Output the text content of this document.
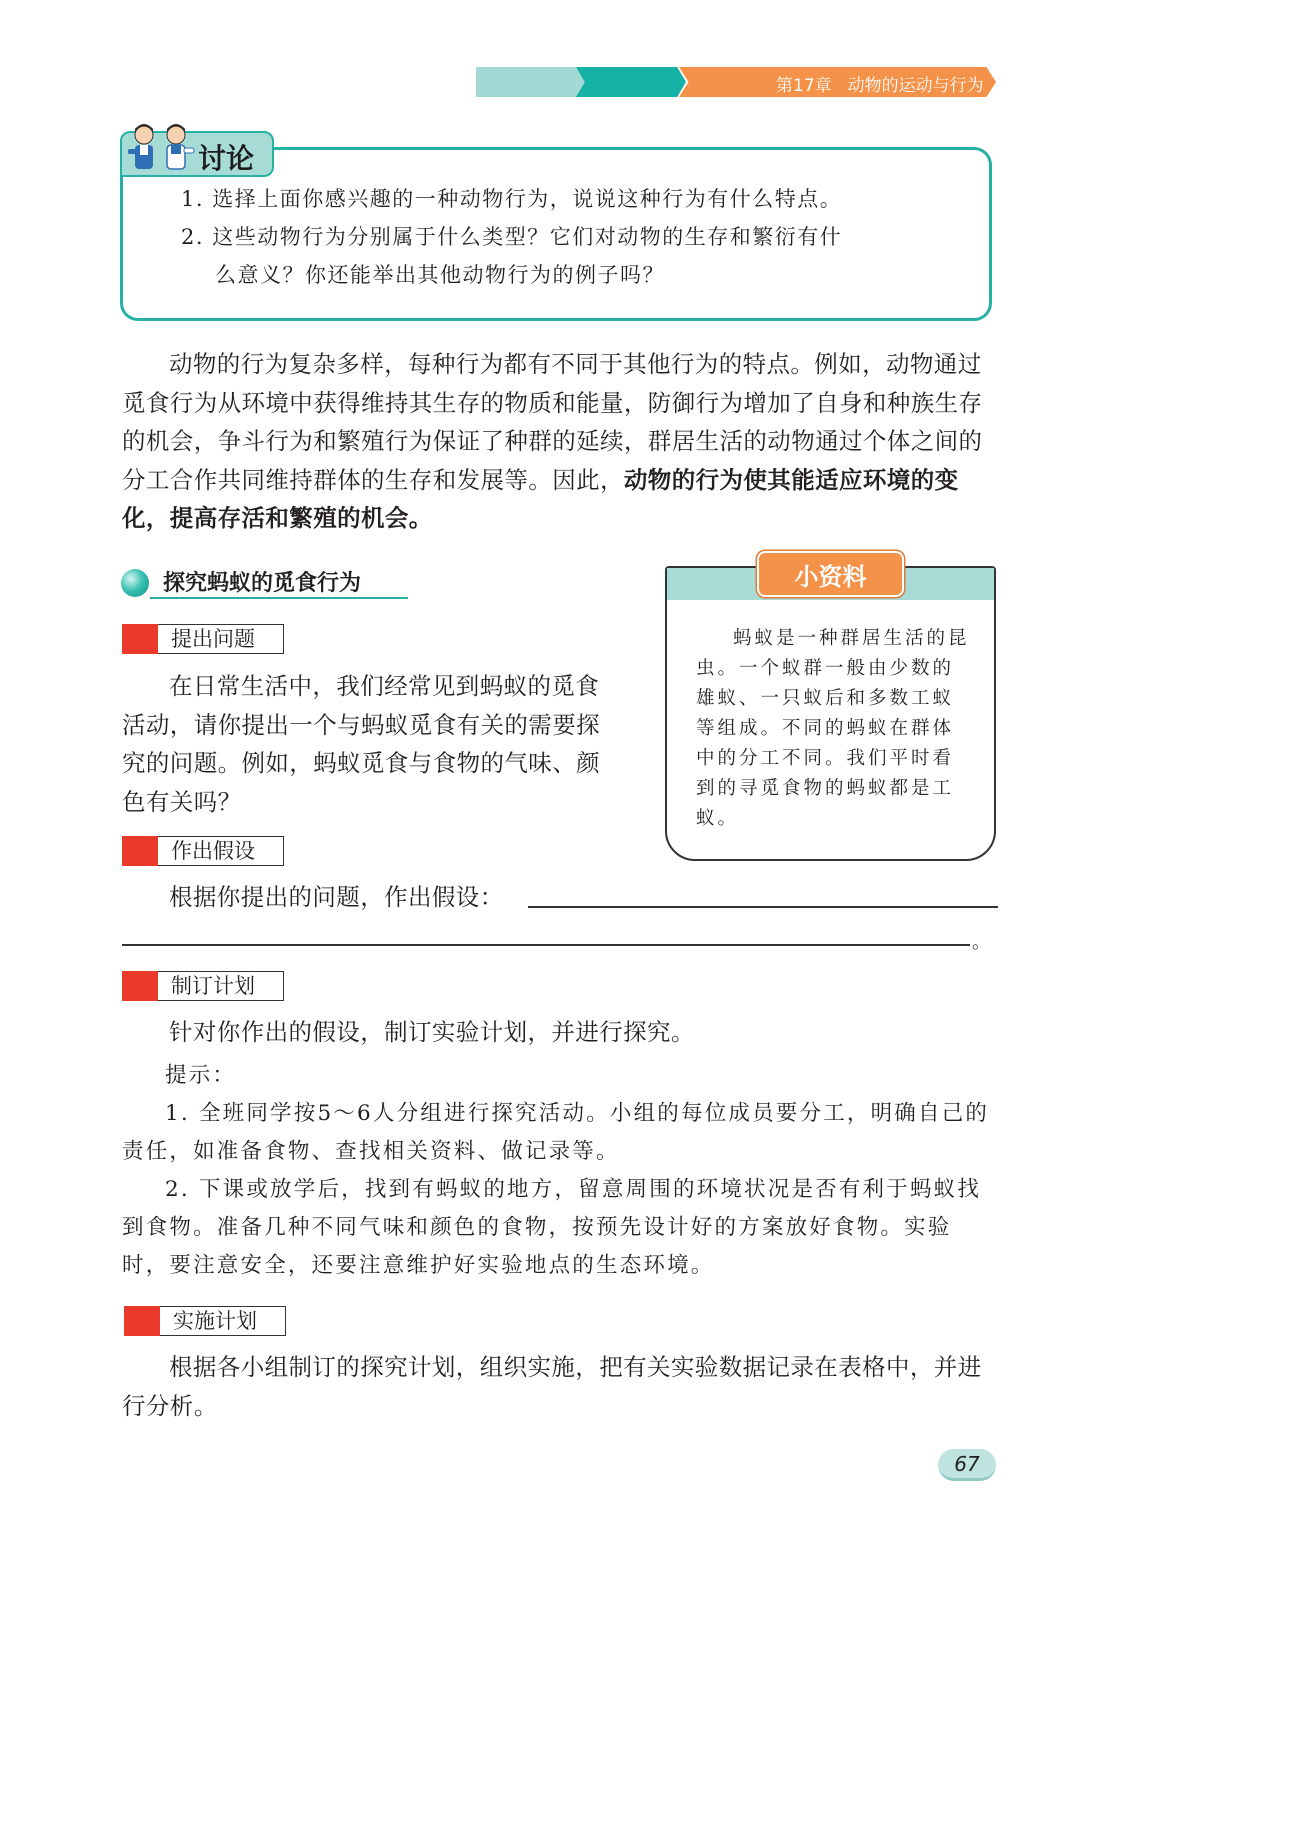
第17章 动物的运动与行为
讨论
1. 选择上面你感兴趣的一种动物行为，说说这种行为有什么特点。
2. 这些动物行为分别属于什么类型？它们对动物的生存和繁衍有什
么意义？你还能举出其他动物行为的例子吗？

动物的行为复杂多样，每种行为都有不同于其他行为的特点。例如，动物通过觅食行为从环境中获得维持其生存的物质和能量，防御行为增加了自身和种族生存的机会，争斗行为和繁殖行为保证了种群的延续，群居生活的动物通过个体之间的分工合作共同维持群体的生存和发展等。因此，动物的行为使其能适应环境的变化，提高存活和繁殖的机会。

探究蚂蚁的觅食行为
提出问题

在日常生活中，我们经常见到蚂蚁的觅食活动，请你提出一个与蚂蚁觅食有关的需要探究的问题。例如，蚂蚁觅食与食物的气味、颜色有关吗？

小资料

蚂蚁是一种群居生活的昆虫。一个蚁群一般由少数的雄蚁、一只蚁后和多数工蚁等组成。不同的蚂蚁在群体中的分工不同。我们平时看到的寻觅食物的蚂蚁都是工蚁。

作出假设

根据你提出的问题，作出假设：

。
制订计划

针对你作出的假设，制订实验计划，并进行探究。

提示：

1. 全班同学按5～6人分组进行探究活动。小组的每位成员要分工，明确自己的责任，如准备食物、查找相关资料、做记录等。

2. 下课或放学后，找到有蚂蚁的地方，留意周围的环境状况是否有利于蚂蚁找到食物。准备几种不同气味和颜色的食物，按预先设计好的方案放好食物。实验时，要注意安全，还要注意维护好实验地点的生态环境。

实施计划

根据各小组制订的探究计划，组织实施，把有关实验数据记录在表格中，并进行分析。

67
